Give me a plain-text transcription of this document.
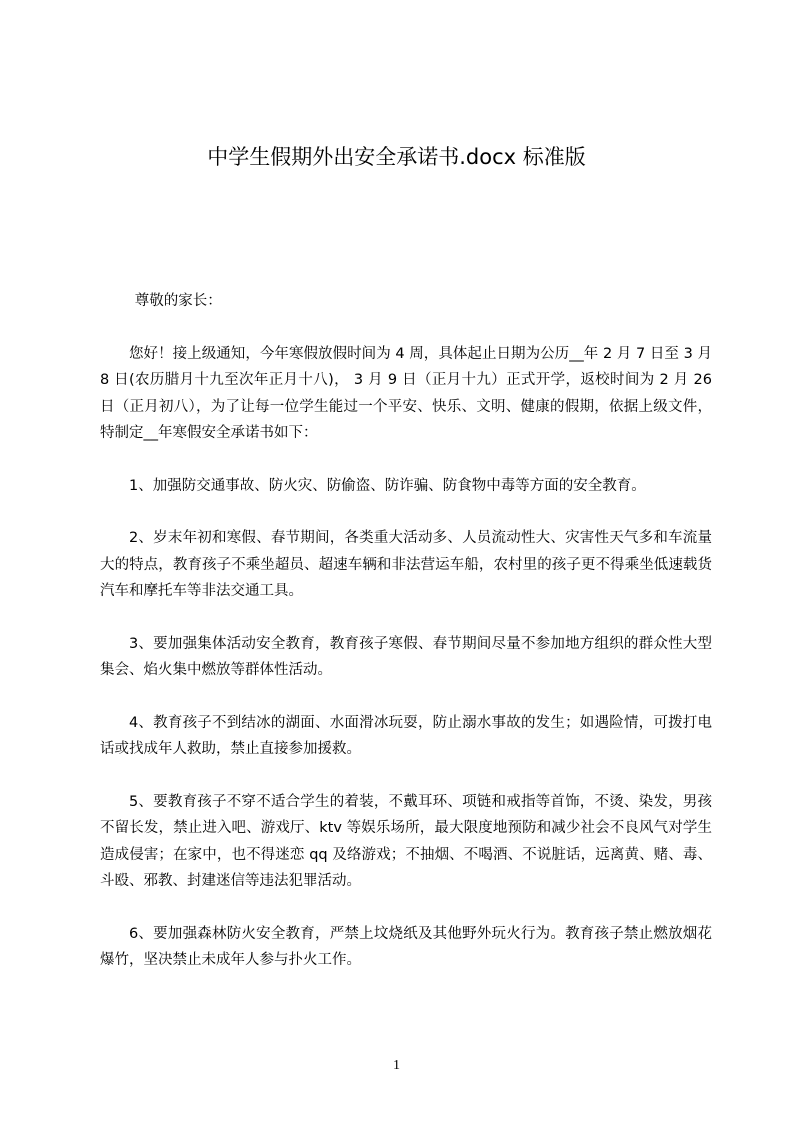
中学生假期外出安全承诺书.docx 标准版

尊敬的家长：

您好！接上级通知，今年寒假放假时间为 4 周，具体起止日期为公历__年 2 月 7 日至 3 月 8 日(农历腊月十九至次年正月十八)， 3 月 9 日（正月十九）正式开学，返校时间为 2 月 26 日（正月初八），为了让每一位学生能过一个平安、快乐、文明、健康的假期，依据上级文件，特制定__年寒假安全承诺书如下：

1、加强防交通事故、防火灾、防偷盗、防诈骗、防食物中毒等方面的安全教育。

2、岁末年初和寒假、春节期间，各类重大活动多、人员流动性大、灾害性天气多和车流量大的特点，教育孩子不乘坐超员、超速车辆和非法营运车船，农村里的孩子更不得乘坐低速载货汽车和摩托车等非法交通工具。

3、要加强集体活动安全教育，教育孩子寒假、春节期间尽量不参加地方组织的群众性大型集会、焰火集中燃放等群体性活动。

4、教育孩子不到结冰的湖面、水面滑冰玩耍，防止溺水事故的发生；如遇险情，可拨打电话或找成年人救助，禁止直接参加援救。

5、要教育孩子不穿不适合学生的着装，不戴耳环、项链和戒指等首饰，不烫、染发，男孩不留长发，禁止进入吧、游戏厅、ktv 等娱乐场所，最大限度地预防和减少社会不良风气对学生造成侵害；在家中，也不得迷恋 qq 及络游戏；不抽烟、不喝酒、不说脏话，远离黄、赌、毒、斗殴、邪教、封建迷信等违法犯罪活动。

6、要加强森林防火安全教育，严禁上坟烧纸及其他野外玩火行为。教育孩子禁止燃放烟花爆竹，坚决禁止未成年人参与扑火工作。

1
